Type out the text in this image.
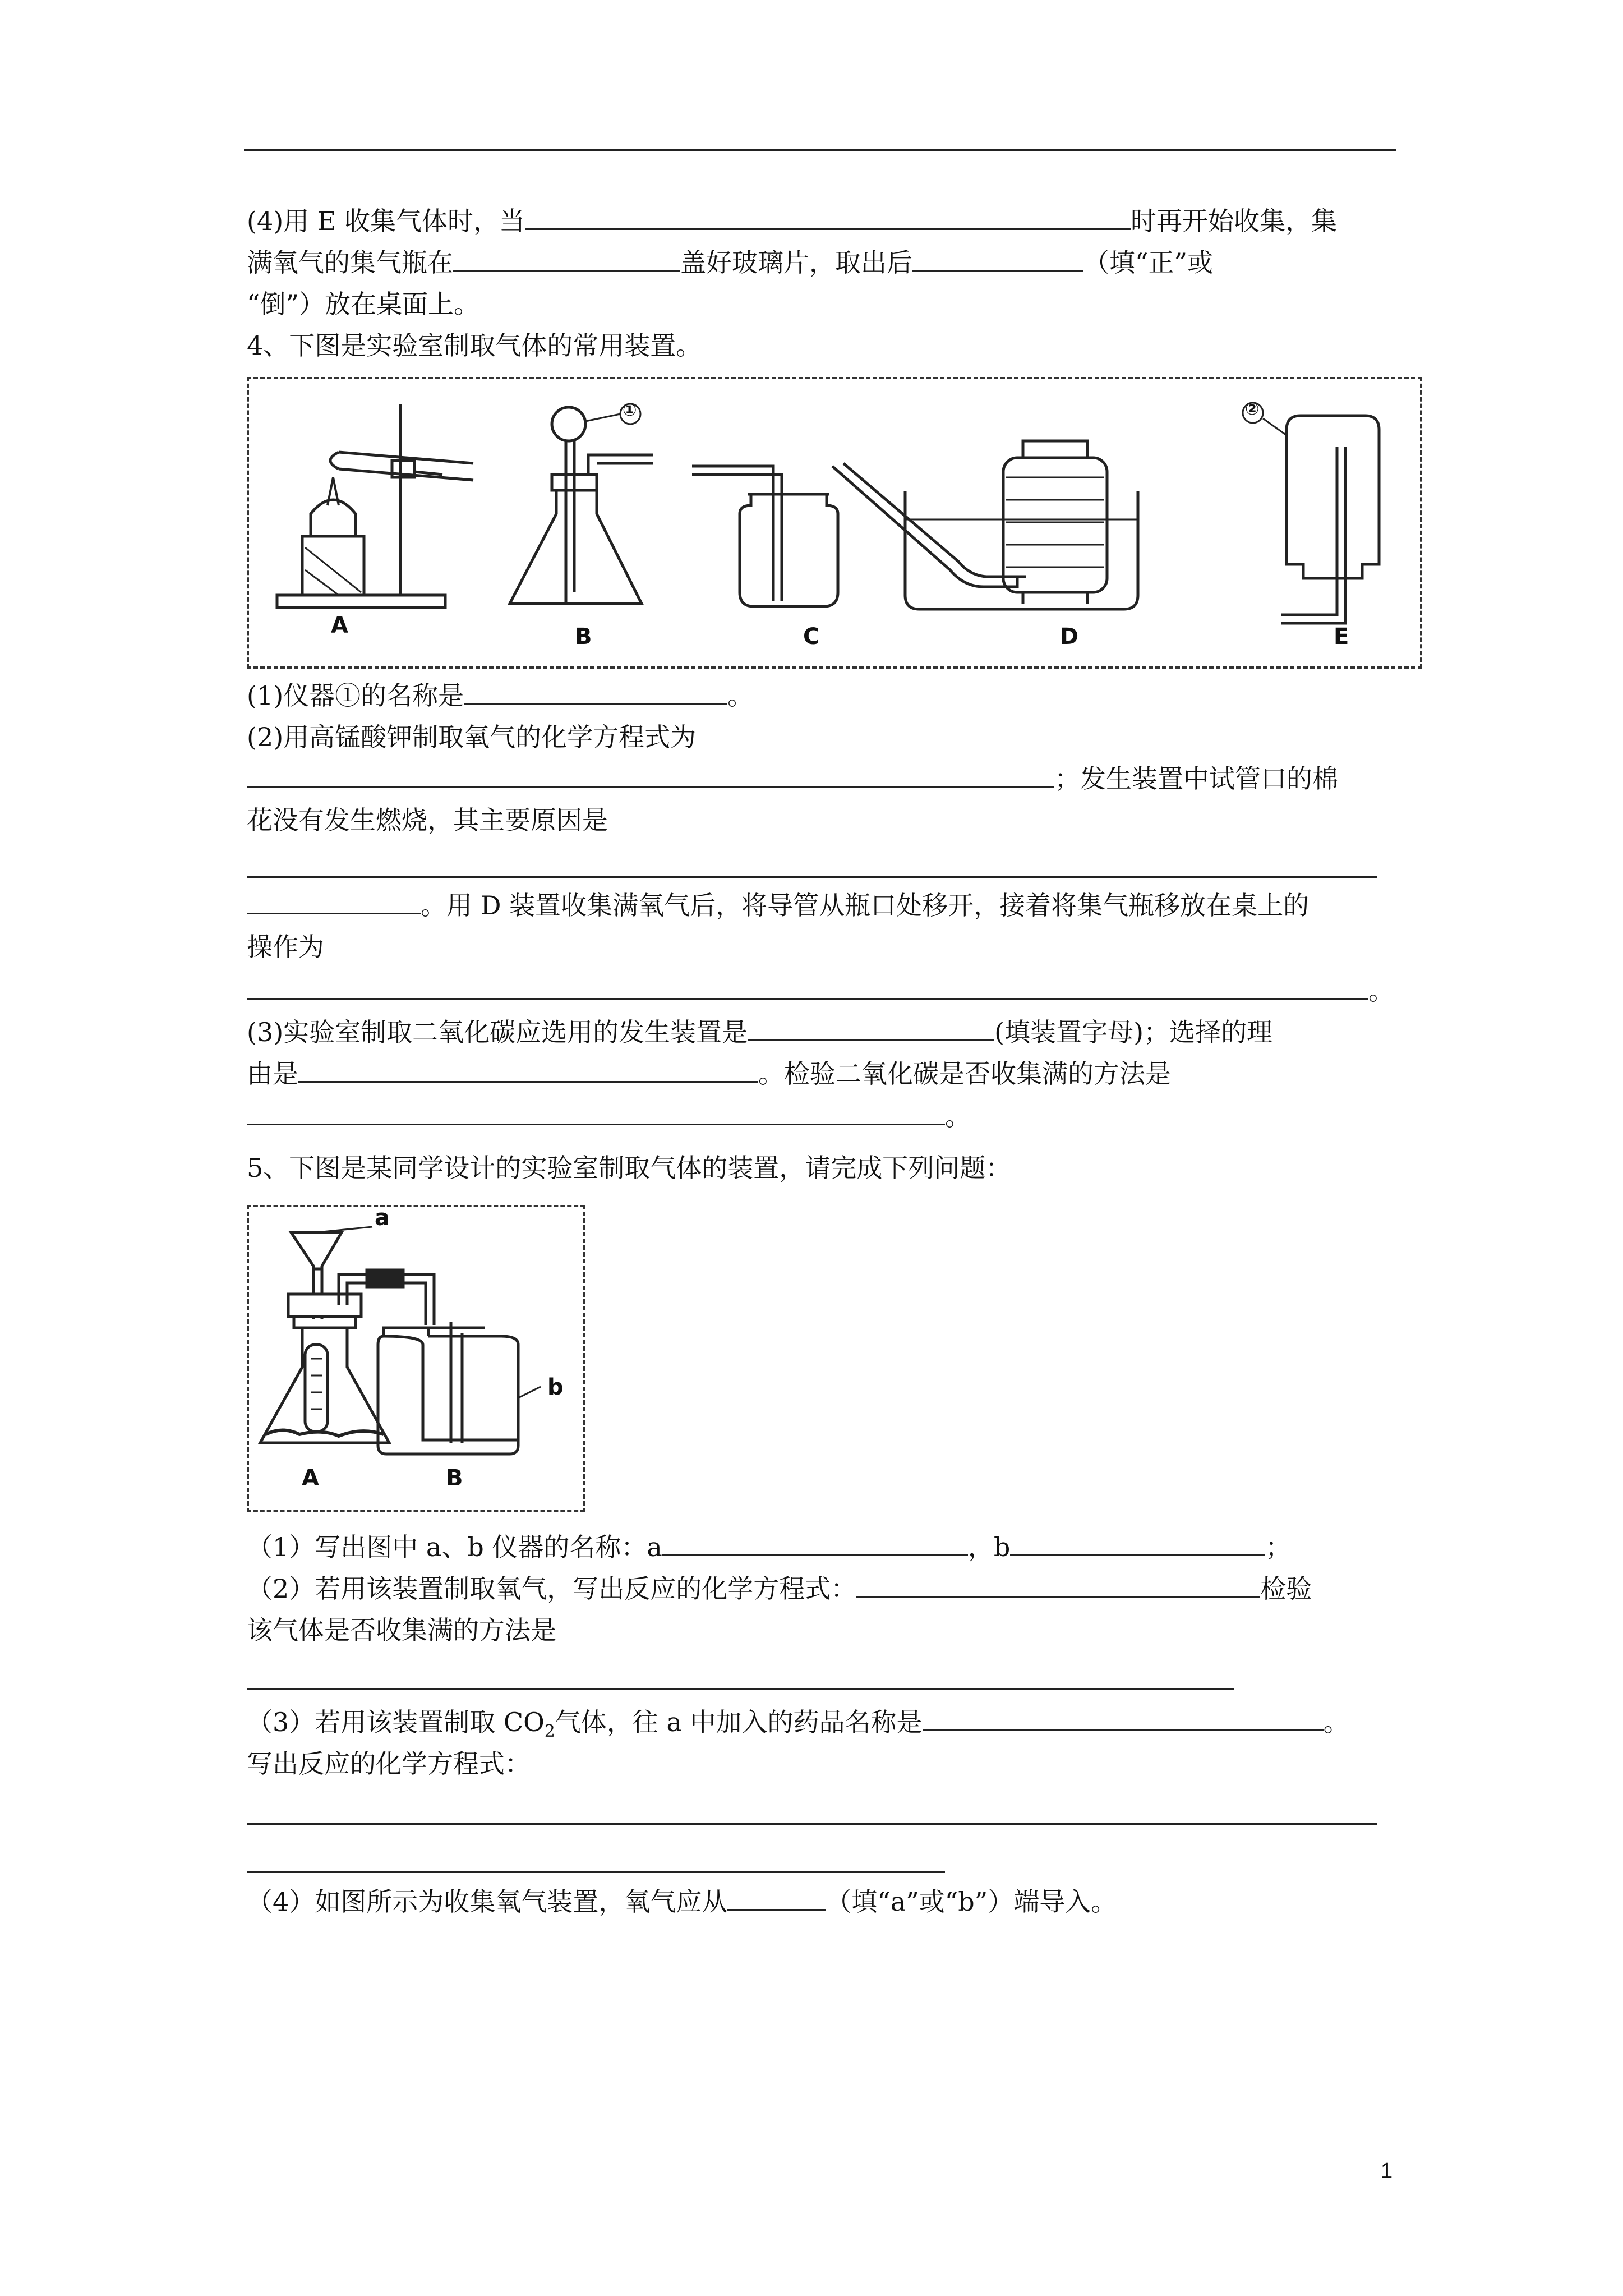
(4)用 E 收集气体时，当	时再开始收集，集
满氧气的集气瓶在	盖好玻璃片，取出后	（填“正”或
“倒”）放在桌面上。
4、下图是实验室制取气体的常用装置。
A	B	C	D	E
①	②
(1)仪器①的名称是	。
(2)用高锰酸钾制取氧气的化学方程式为
；发生装置中试管口的棉
花没有发生燃烧，其主要原因是
。用 D 装置收集满氧气后，将导管从瓶口处移开，接着将集气瓶移放在桌上的
操作为
。
(3)实验室制取二氧化碳应选用的发生装置是	(填装置字母)；选择的理
由是	。检验二氧化碳是否收集满的方法是
。
5、下图是某同学设计的实验室制取气体的装置，请完成下列问题：
A	B
a
b
（1）写出图中 a、b 仪器的名称：a	，b	；
（2）若用该装置制取氧气，写出反应的化学方程式：	检验
该气体是否收集满的方法是
（3）若用该装置制取 $CO_2$气体，往 a 中加入的药品名称是	。
写出反应的化学方程式：
（4）如图所示为收集氧气装置，氧气应从	（填“a”或“b”）端导入。
1
